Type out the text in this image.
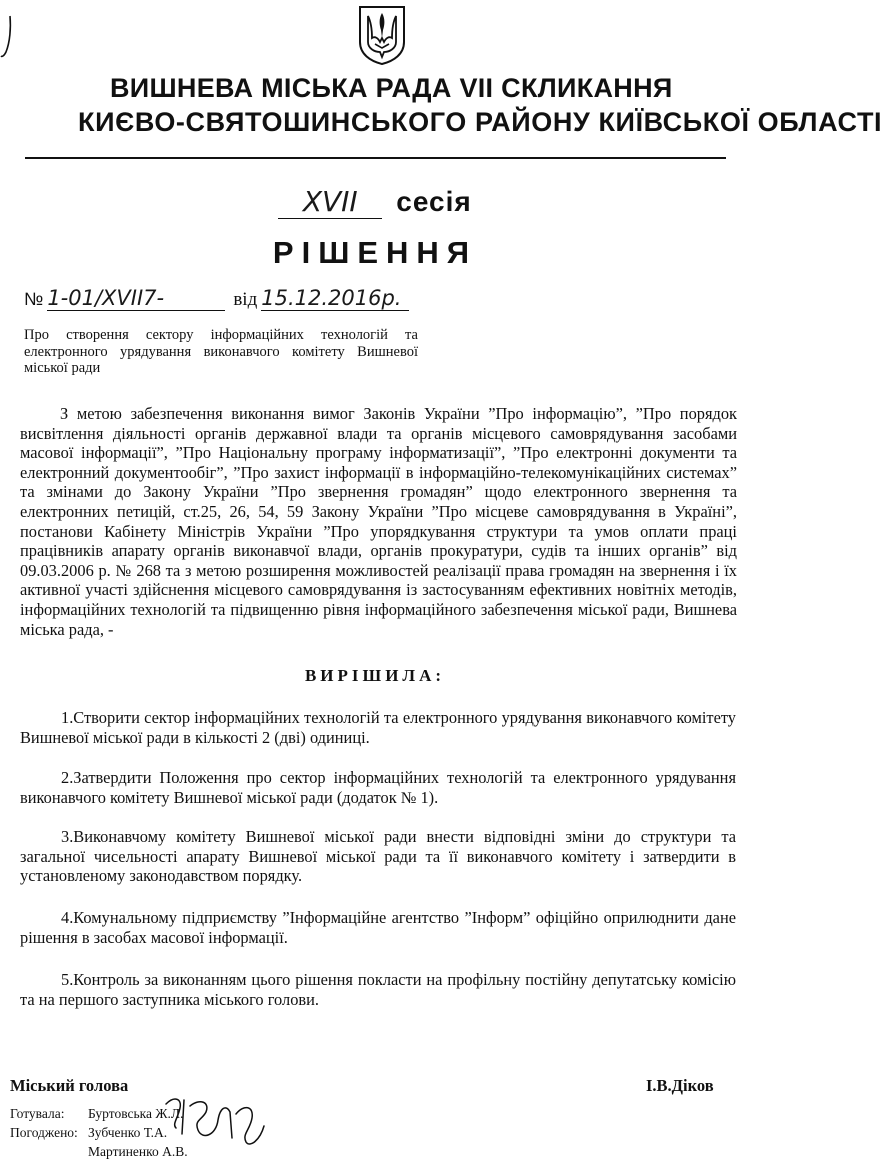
ВИШНЕВА МІСЬКА РАДА VII СКЛИКАННЯ
КИЄВО-СВЯТОШИНСЬКОГО РАЙОНУ КИЇВСЬКОЇ ОБЛАСТІ
XVII сесія
РІШЕННЯ
№ 1-01/XVII7-	від 15.12.2016р.
Про створення сектору інформаційних технологій та електронного урядування виконавчого комітету Вишневої міської ради
З метою забезпечення виконання вимог Законів України ”Про інформацію”, ”Про порядок висвітлення діяльності органів державної влади та органів місцевого самоврядування засобами масової інформації”, ”Про Національну програму інформатизації”, ”Про електронні документи та електронний документообіг”, ”Про захист інформації в інформаційно-телекомунікаційних системах” та змінами до Закону України ”Про звернення громадян” щодо електронного звернення та електронних петицій, ст.25, 26, 54, 59 Закону України ”Про місцеве самоврядування в Україні”, постанови Кабінету Міністрів України ”Про упорядкування структури та умов оплати праці працівників апарату органів виконавчої влади, органів прокуратури, судів та інших органів” від 09.03.2006 р. № 268 та з метою розширення можливостей реалізації права громадян на звернення і їх активної участі здійснення місцевого самоврядування із застосуванням ефективних новітніх методів, інформаційних технологій та підвищенню рівня інформаційного забезпечення міської ради, Вишнева міська рада, -
ВИРІШИЛА:
1.Створити сектор інформаційних технологій та електронного урядування виконавчого комітету Вишневої міської ради в кількості 2 (дві) одиниці.
2.Затвердити Положення про сектор інформаційних технологій та електронного урядування виконавчого комітету Вишневої міської ради (додаток № 1).
3.Виконавчому комітету Вишневої міської ради внести відповідні зміни до структури та загальної чисельності апарату Вишневої міської ради та її виконавчого комітету і затвердити в установленому законодавством порядку.
4.Комунальному підприємству ”Інформаційне агентство ”Інформ” офіційно оприлюднити дане рішення в засобах масової інформації.
5.Контроль за виконанням цього рішення покласти на профільну постійну депутатську комісію та на першого заступника міського голови.
Міський голова	І.В.Діков
Готувала: Буртовська Ж.Л.
Погоджено: Зубченко Т.А.
Мартиненко А.В.
